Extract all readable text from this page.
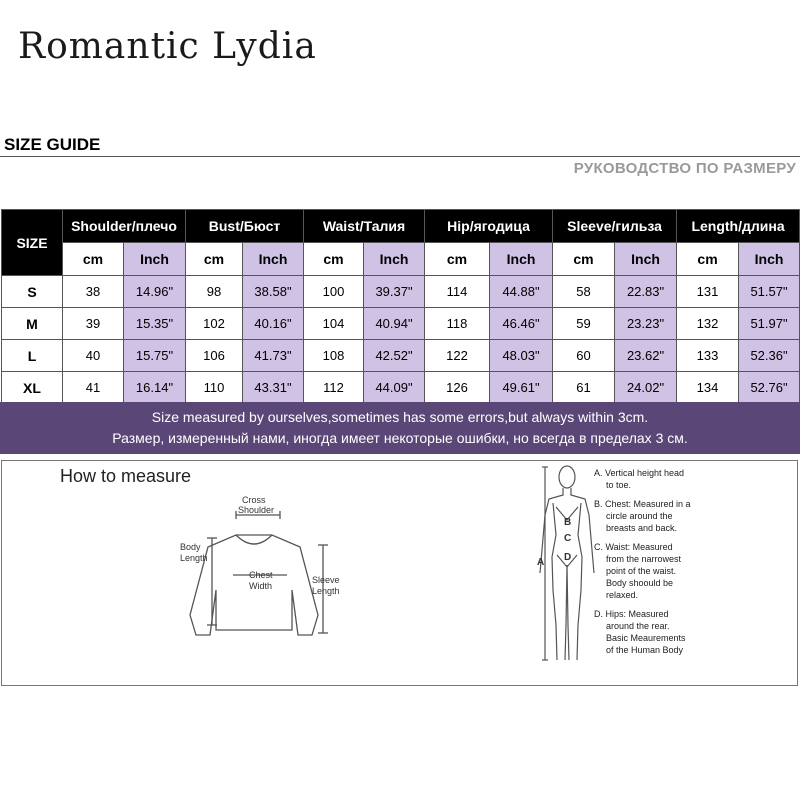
Romantic Lydia
SIZE GUIDE
РУКОВОДСТВО ПО РАЗМЕРУ
SIZE	Shoulder/плечо		Bust/Бюст		Waist/Талия		Hip/ягодица		Sleeve/гильза		Length/длина	
	cm	Inch	cm	Inch	cm	Inch	cm	Inch	cm	Inch	cm	Inch
S	38	14.96"	98	38.58"	100	39.37"	114	44.88"	58	22.83"	131	51.57"
M	39	15.35"	102	40.16"	104	40.94"	118	46.46"	59	23.23"	132	51.97"
L	40	15.75"	106	41.73"	108	42.52"	122	48.03"	60	23.62"	133	52.36"
XL	41	16.14"	110	43.31"	112	44.09"	126	49.61"	61	24.02"	134	52.76"
Size measured by ourselves,sometimes has some errors,but always within 3cm.
Размер, измеренный нами, иногда имеет некоторые ошибки, но всегда в пределах 3 см.
How to measure
Cross
Shoulder
Body
Length
Chest
Width
Sleeve
Length
A
B
C
D
A. Vertical height head
to toe.
B. Chest: Measured in a
circle around the
breasts and back.
C. Waist: Measured
from the narrowest
point of the waist.
Body shoould be
relaxed.
D. Hips: Measured
around the rear.
Basic Meaurements
of the Human Body
